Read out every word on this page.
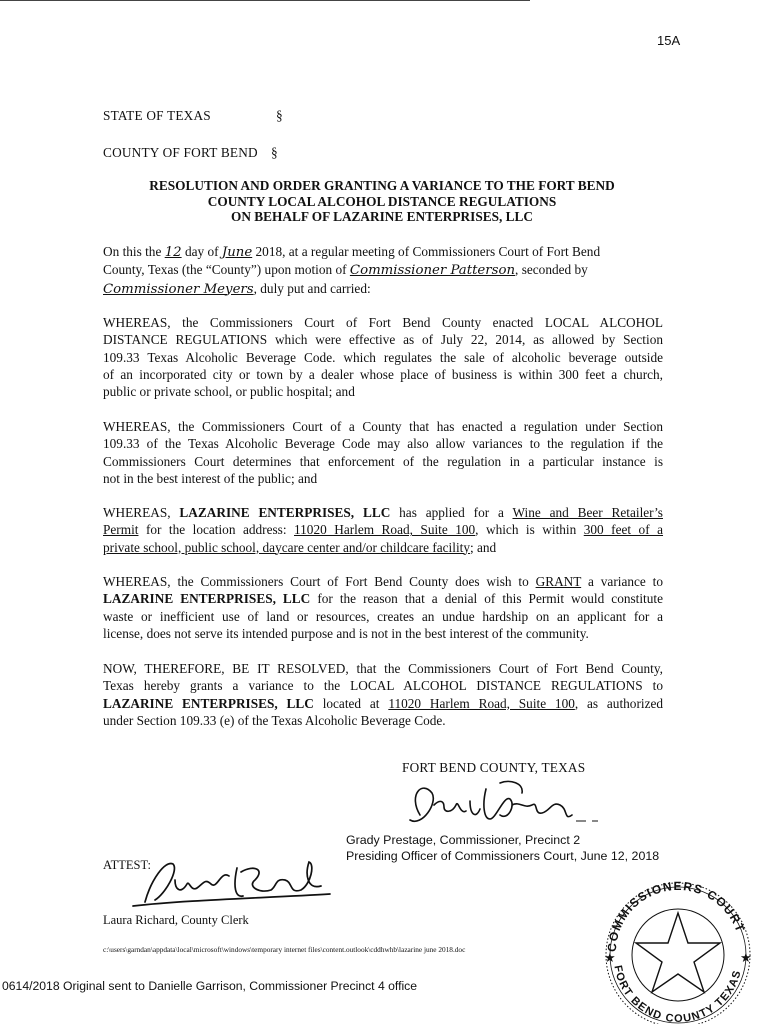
15A
STATE OF TEXAS	§
COUNTY OF FORT BEND §
RESOLUTION AND ORDER GRANTING A VARIANCE TO THE FORT BEND
COUNTY LOCAL ALCOHOL DISTANCE REGULATIONS
ON BEHALF OF LAZARINE ENTERPRISES, LLC
On this the 12 day of June 2018, at a regular meeting of Commissioners Court of Fort Bend
County, Texas (the “County”) upon motion of Commissioner Patterson, seconded by
Commissioner Meyers, duly put and carried:
WHEREAS, the Commissioners Court of Fort Bend County enacted LOCAL ALCOHOL
DISTANCE REGULATIONS which were effective as of July 22, 2014, as allowed by Section
109.33 Texas Alcoholic Beverage Code. which regulates the sale of alcoholic beverage outside
of an incorporated city or town by a dealer whose place of business is within 300 feet a church,
public or private school, or public hospital; and
WHEREAS, the Commissioners Court of a County that has enacted a regulation under Section
109.33 of the Texas Alcoholic Beverage Code may also allow variances to the regulation if the
Commissioners Court determines that enforcement of the regulation in a particular instance is
not in the best interest of the public; and
WHEREAS, LAZARINE ENTERPRISES, LLC has applied for a Wine and Beer Retailer’s
Permit for the location address: 11020 Harlem Road, Suite 100, which is within 300 feet of a
private school, public school, daycare center and/or childcare facility; and
WHEREAS, the Commissioners Court of Fort Bend County does wish to GRANT a variance to
LAZARINE ENTERPRISES, LLC for the reason that a denial of this Permit would constitute
waste or inefficient use of land or resources, creates an undue hardship on an applicant for a
license, does not serve its intended purpose and is not in the best interest of the community.
NOW, THEREFORE, BE IT RESOLVED, that the Commissioners Court of Fort Bend County,
Texas hereby grants a variance to the LOCAL ALCOHOL DISTANCE REGULATIONS to
LAZARINE ENTERPRISES, LLC located at 11020 Harlem Road, Suite 100, as authorized
under Section 109.33 (e) of the Texas Alcoholic Beverage Code.
FORT BEND COUNTY, TEXAS
Grady Prestage, Commissioner, Precinct 2
Presiding Officer of Commissioners Court, June 12, 2018
ATTEST:
Laura Richard, County Clerk
c:\users\garndan\appdata\local\microsoft\windows\temporary internet files\content.outlook\cddhwhb\lazarine june 2018.doc
0614/2018 Original sent to Danielle Garrison, Commissioner Precinct 4 office
COMMISSIONERS COURT
FORT BEND COUNTY TEXAS
★	★
